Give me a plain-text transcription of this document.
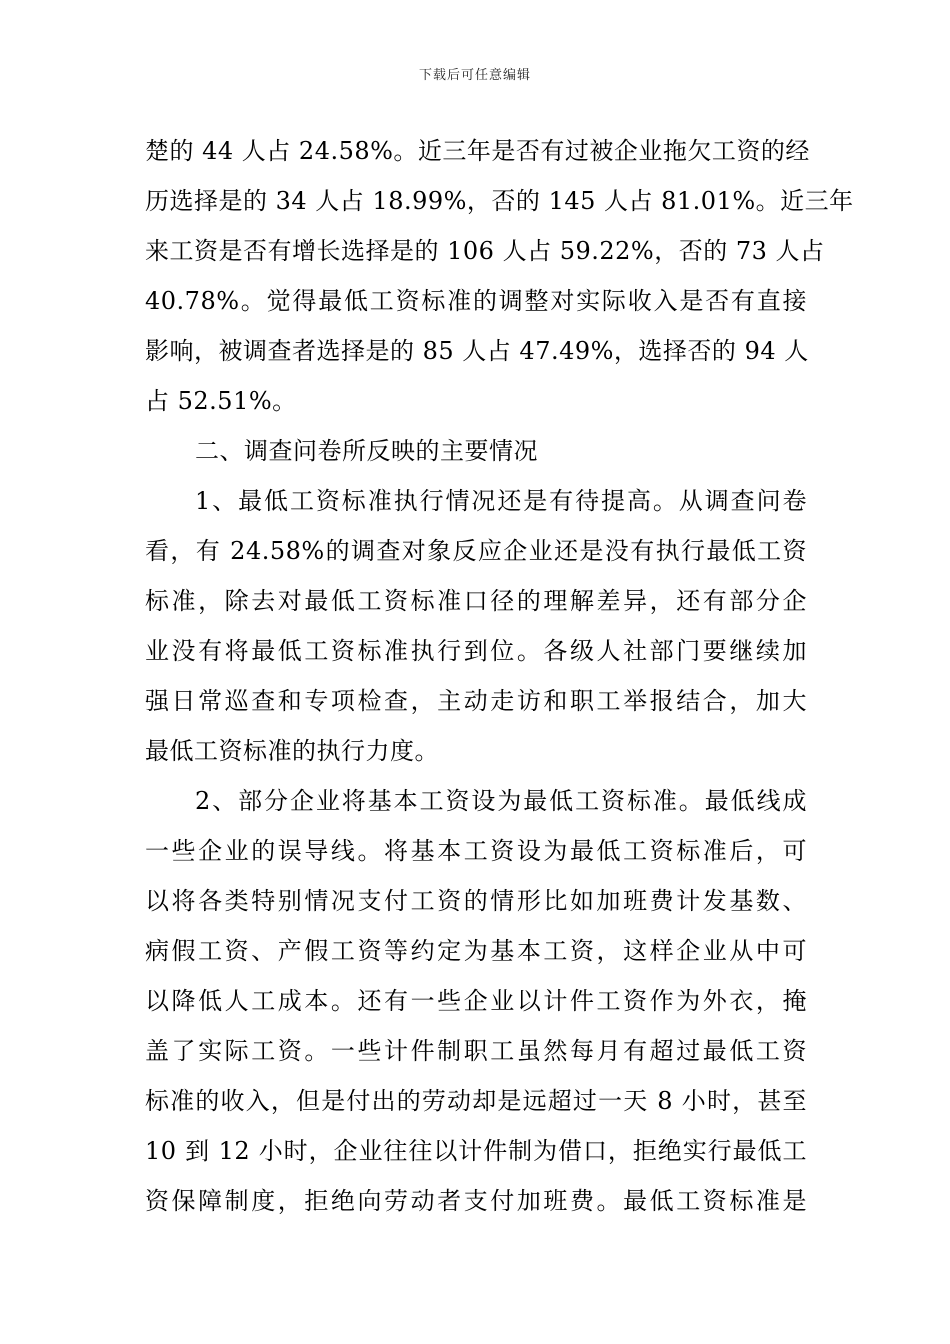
下载后可任意编辑

楚的 44 人占 24.58%。近三年是否有过被企业拖欠工资的经
历选择是的 34 人占 18.99%，否的 145 人占 81.01%。近三年
来工资是否有增长选择是的 106 人占 59.22%，否的 73 人占
40.78%。觉得最低工资标准的调整对实际收入是否有直接
影响，被调查者选择是的 85 人占 47.49%，选择否的 94 人
占 52.51%。

二、调查问卷所反映的主要情况

1、最低工资标准执行情况还是有待提高。从调查问卷
看，有 24.58%的调查对象反应企业还是没有执行最低工资
标准，除去对最低工资标准口径的理解差异，还有部分企
业没有将最低工资标准执行到位。各级人社部门要继续加
强日常巡查和专项检查，主动走访和职工举报结合，加大
最低工资标准的执行力度。

2、部分企业将基本工资设为最低工资标准。最低线成
一些企业的误导线。将基本工资设为最低工资标准后，可
以将各类特别情况支付工资的情形比如加班费计发基数、
病假工资、产假工资等约定为基本工资，这样企业从中可
以降低人工成本。还有一些企业以计件工资作为外衣，掩
盖了实际工资。一些计件制职工虽然每月有超过最低工资
标准的收入，但是付出的劳动却是远超过一天 8 小时，甚至
10 到 12 小时，企业往往以计件制为借口，拒绝实行最低工
资保障制度，拒绝向劳动者支付加班费。最低工资标准是
